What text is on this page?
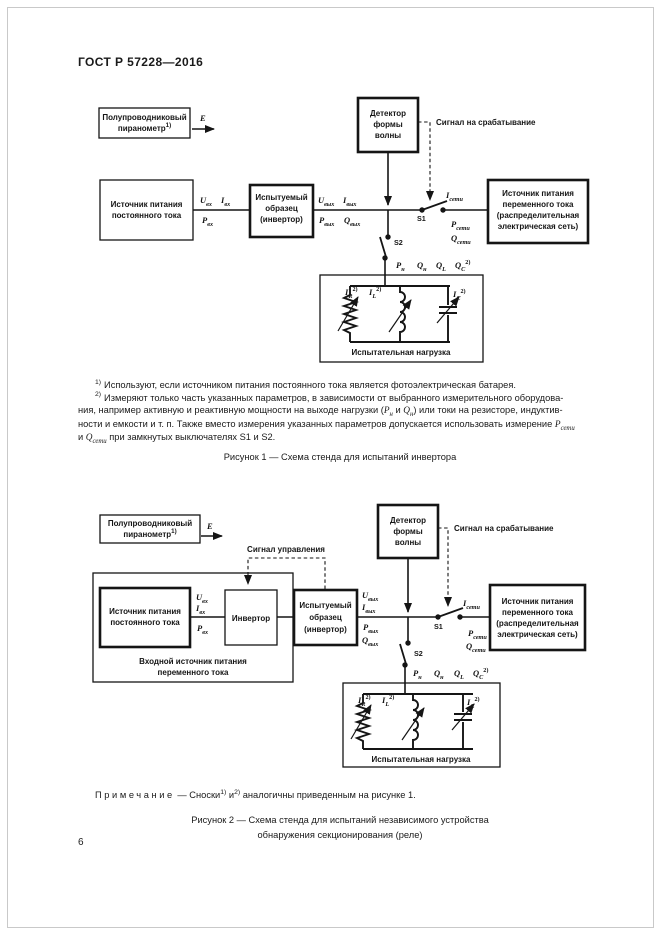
ГОСТ Р 57228—2016
Полупроводниковый
пиранометр$^{1)}$
E	Детектор
формы
волны
Сигнал на срабатывание
Источник питания
постоянного тока
$U_{вх}$ $I_{вх}$
$P_{вх}$
Испытуемый
образец
(инвертор)
$U_{вых}$ $I_{вых}$
$P_{вых}$ $Q_{вых}$
S1
$I_{сети}$
$P_{сети}$
$Q_{сети}$
Источник питания
переменного тока
(распределительная
электрическая сеть)
S2
$P_н$ $Q_н$ $Q_L$ $Q_C^{2)}$
$I_R^{2)}$ $I_L^{2)}$	$I_C^{2)}$
Испытательная нагрузка
$^{1)}$ Используют, если источником питания постоянного тока является фотоэлектрическая батарея.
$^{2)}$ Измеряют только часть указанных параметров, в зависимости от выбранного измерительного оборудова-
ния, например активную и реактивную мощности на выходе нагрузки ($P_н$ и $Q_н$) или токи на резисторе, индуктив-
ности и емкости и т. п. Также вместо измерения указанных параметров допускается использовать измерение $P_{сети}$
и $Q_{сети}$ при замкнутых выключателях S1 и S2.
Рисунок 1 — Схема стенда для испытаний инвертора
Полупроводниковый
пиранометр$^{1)}$
E
Сигнал управления
Входной источник питания
переменного тока
Источник питания
постоянного тока	Инвертор
$U_{вх}$
$I_{вх}$
$P_{вх}$
Испытуемый
образец
(инвертор)
$U_{вых}$
$I_{вых}$
$P_{вых}$
$Q_{вых}$
Детектор
формы
волны
Сигнал на срабатывание
S1
$I_{сети}$
$P_{сети}$
$Q_{сети}$
Источник питания
переменного тока
(распределительная
электрическая сеть)
S2
$P_н$ $Q_н$ $Q_L$ $Q_C^{2)}$
$I_R^{2)}$ $I_L^{2)}$	$I_C^{2)}$
Испытательная нагрузка
Примечание — Сноски$^{1)}$ $и^{2)}$ аналогичны приведенным на рисунке 1.
Рисунок 2 — Схема стенда для испытаний независимого устройства
обнаружения секционирования (реле)
6
